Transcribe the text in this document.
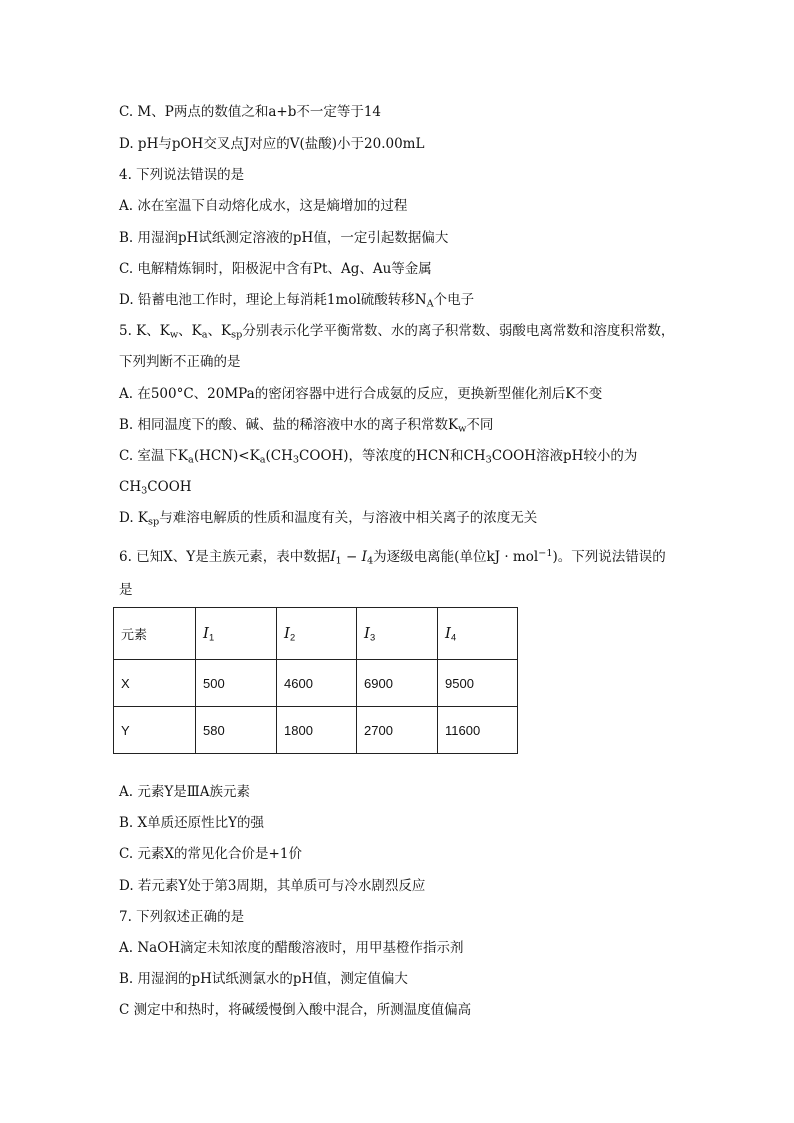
C. M、P两点的数值之和a+b不一定等于14
D. pH与pOH交叉点J对应的V(盐酸)小于20.00mL
4. 下列说法错误的是
A. 冰在室温下自动熔化成水，这是熵增加的过程
B. 用湿润pH试纸测定溶液的pH值，一定引起数据偏大
C. 电解精炼铜时，阳极泥中含有Pt、Ag、Au等金属
D. 铅蓄电池工作时，理论上每消耗1mol硫酸转移$N_A$个电子
5. K、$K_w$、$K_a$、$K_{sp}$分别表示化学平衡常数、水的离子积常数、弱酸电离常数和溶度积常数，
下列判断不正确的是
A. 在500°C、20MPa的密闭容器中进行合成氨的反应，更换新型催化剂后K不变
B. 相同温度下的酸、碱、盐的稀溶液中水的离子积常数$K_w$不同
C. 室温下$K_a(HCN)<K_a(CH_3COOH)$，等浓度的HCN和$CH_3COOH$溶液pH较小的为
$CH_3COOH$
D. $K_{sp}$与难溶电解质的性质和温度有关，与溶液中相关离子的浓度无关
6. 已知X、Y是主族元素，表中数据$I_1 - I_4$为逐级电离能(单位kJ · mol$^{-1}$)。下列说法错误的
是
元素	$I_1$	$I_2$	$I_3$	$I_4$
X	500	4600	6900	9500
Y	580	1800	2700	11600
A. 元素Y是ⅢA族元素
B. X单质还原性比Y的强
C. 元素X的常见化合价是+1价
D. 若元素Y处于第3周期，其单质可与冷水剧烈反应
7. 下列叙述正确的是
A. NaOH滴定未知浓度的醋酸溶液时，用甲基橙作指示剂
B. 用湿润的pH试纸测氯水的pH值，测定值偏大
C 测定中和热时，将碱缓慢倒入酸中混合，所测温度值偏高
